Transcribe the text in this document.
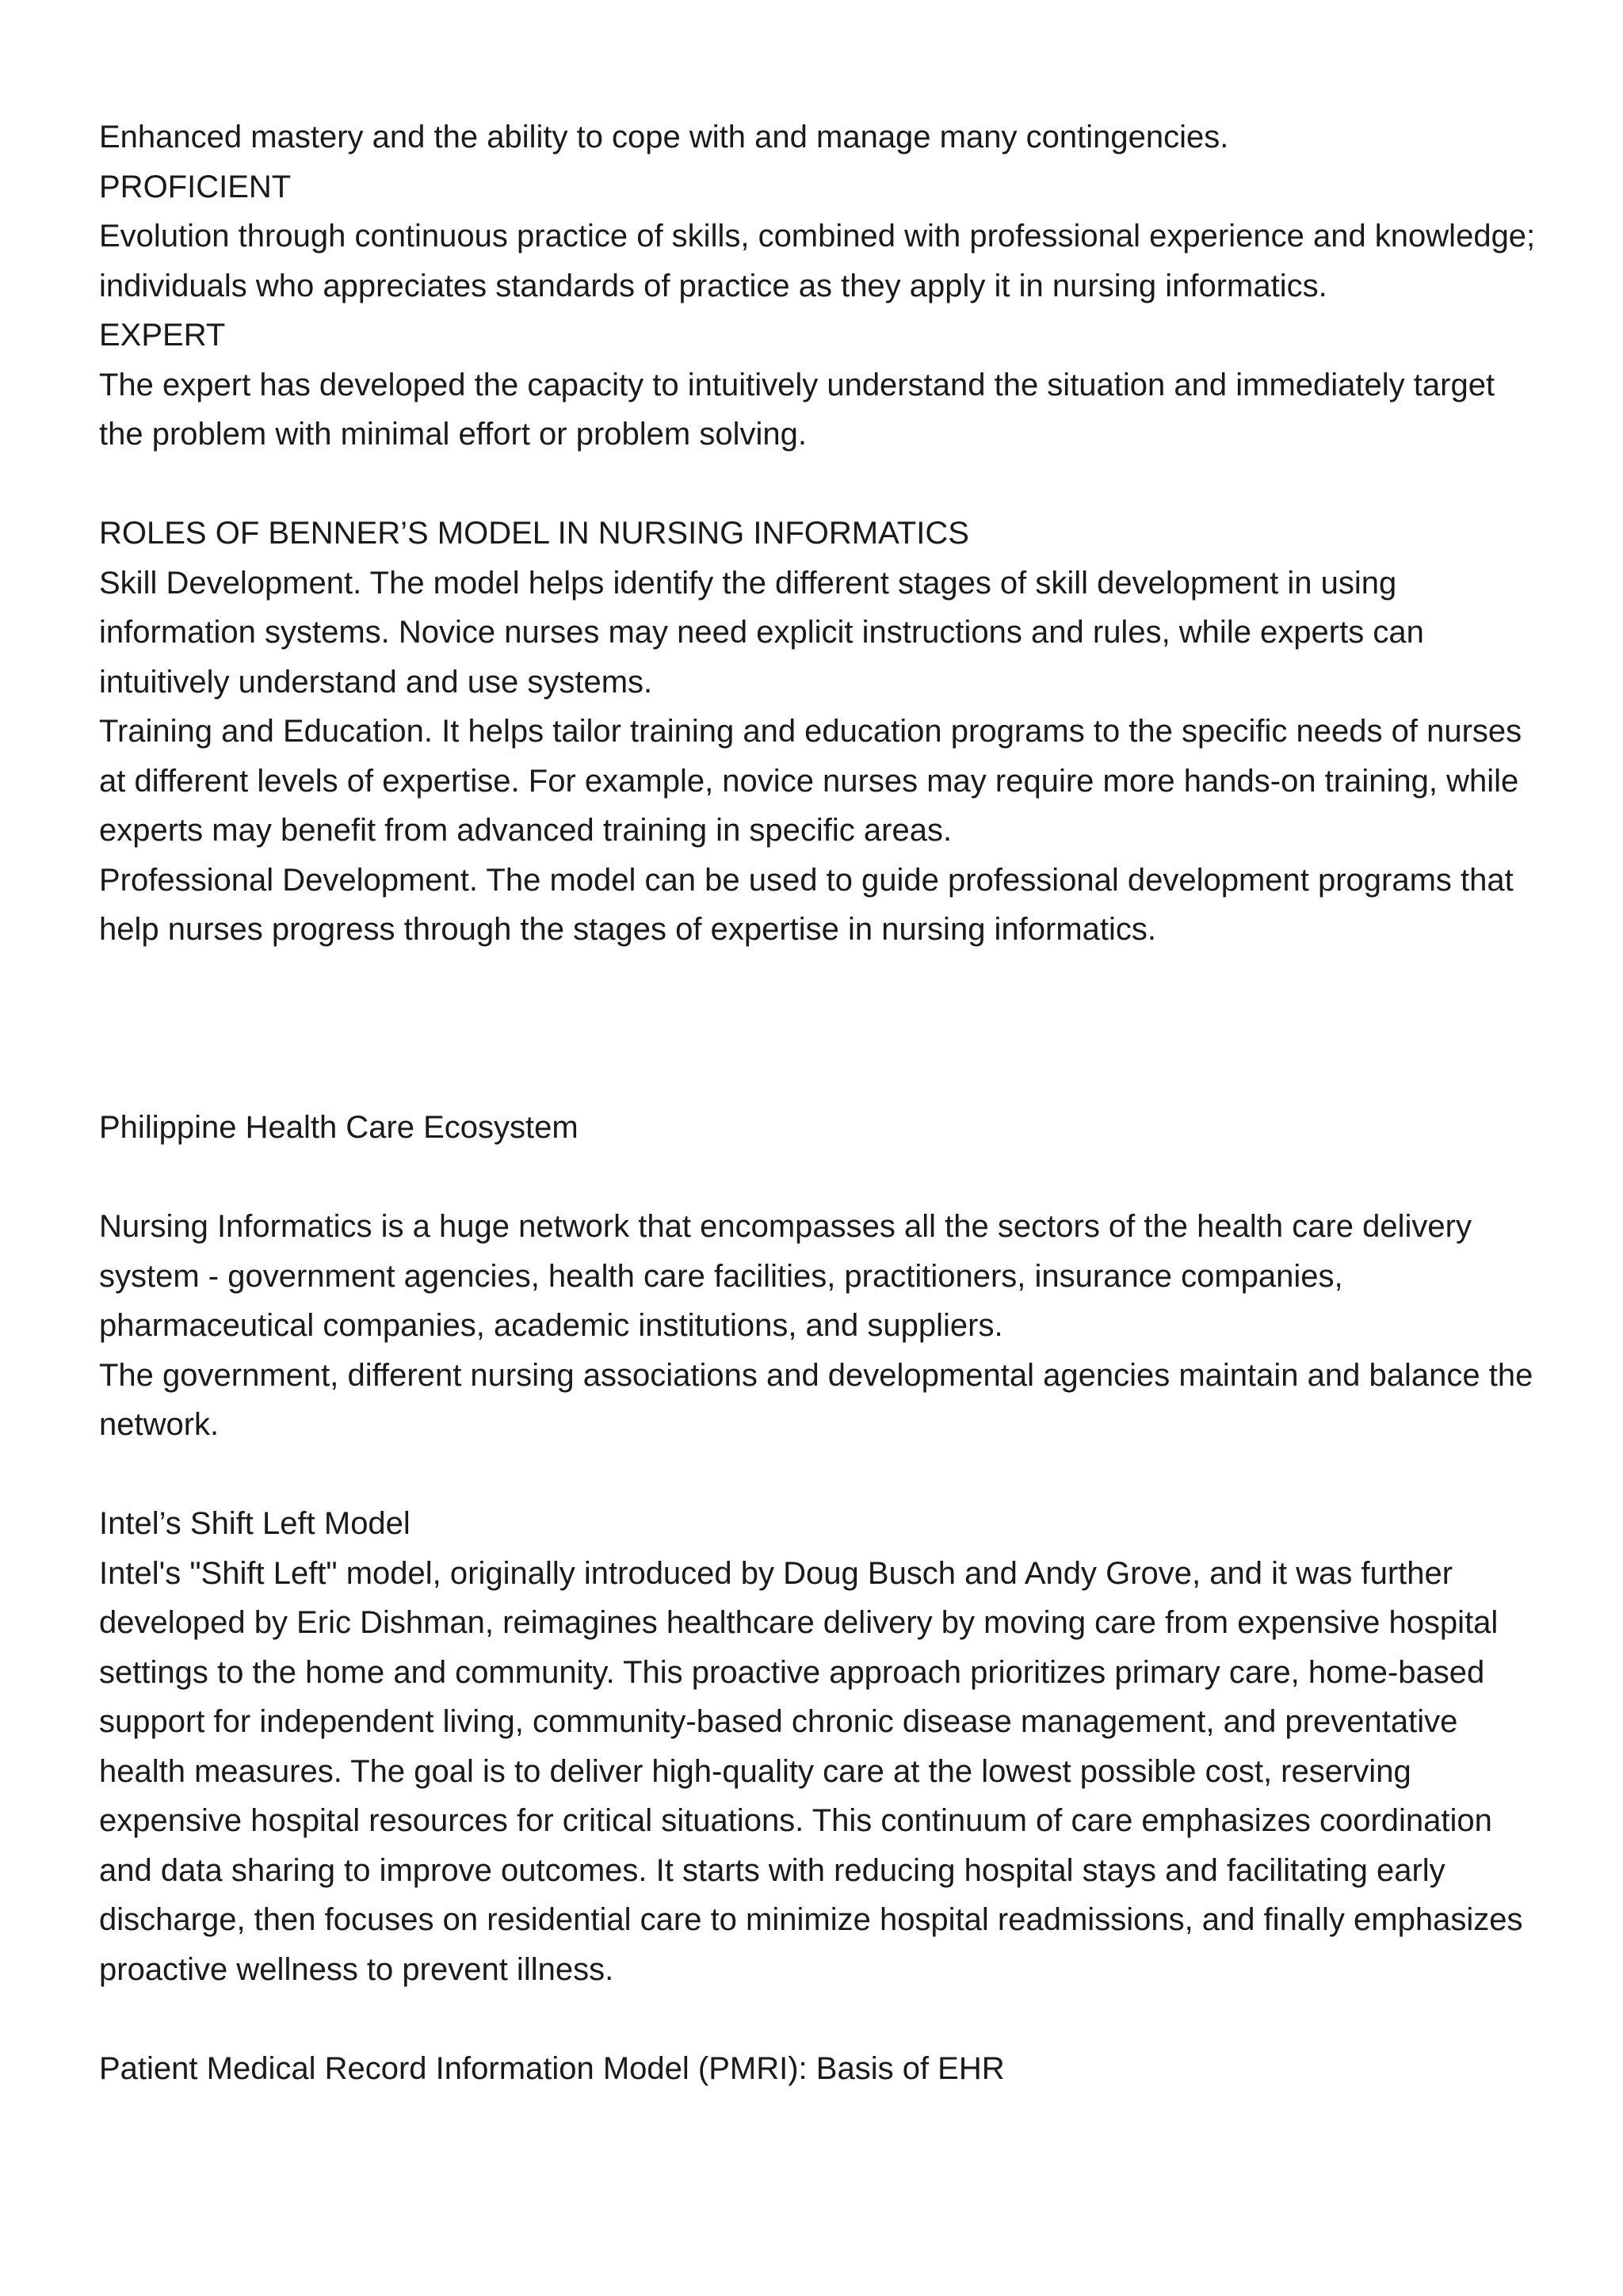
Enhanced mastery and the ability to cope with and manage many contingencies.

PROFICIENT

Evolution through continuous practice of skills, combined with professional experience and knowledge; individuals who appreciates standards of practice as they apply it in nursing informatics.

EXPERT

The expert has developed the capacity to intuitively understand the situation and immediately target the problem with minimal effort or problem solving.

ROLES OF BENNER’S MODEL IN NURSING INFORMATICS

Skill Development. The model helps identify the different stages of skill development in using information systems. Novice nurses may need explicit instructions and rules, while experts can intuitively understand and use systems.

Training and Education. It helps tailor training and education programs to the specific needs of nurses at different levels of expertise. For example, novice nurses may require more hands-on training, while experts may benefit from advanced training in specific areas.

Professional Development. The model can be used to guide professional development programs that help nurses progress through the stages of expertise in nursing informatics.

Philippine Health Care Ecosystem

Nursing Informatics is a huge network that encompasses all the sectors of the health care delivery system - government agencies, health care facilities, practitioners, insurance companies, pharmaceutical companies, academic institutions, and suppliers.

The government, different nursing associations and developmental agencies maintain and balance the network.

Intel’s Shift Left Model

Intel's "Shift Left" model, originally introduced by Doug Busch and Andy Grove, and it was further developed by Eric Dishman, reimagines healthcare delivery by moving care from expensive hospital settings to the home and community. This proactive approach prioritizes primary care, home-based support for independent living, community-based chronic disease management, and preventative health measures. The goal is to deliver high-quality care at the lowest possible cost, reserving expensive hospital resources for critical situations. This continuum of care emphasizes coordination and data sharing to improve outcomes. It starts with reducing hospital stays and facilitating early discharge, then focuses on residential care to minimize hospital readmissions, and finally emphasizes proactive wellness to prevent illness.

Patient Medical Record Information Model (PMRI): Basis of EHR
